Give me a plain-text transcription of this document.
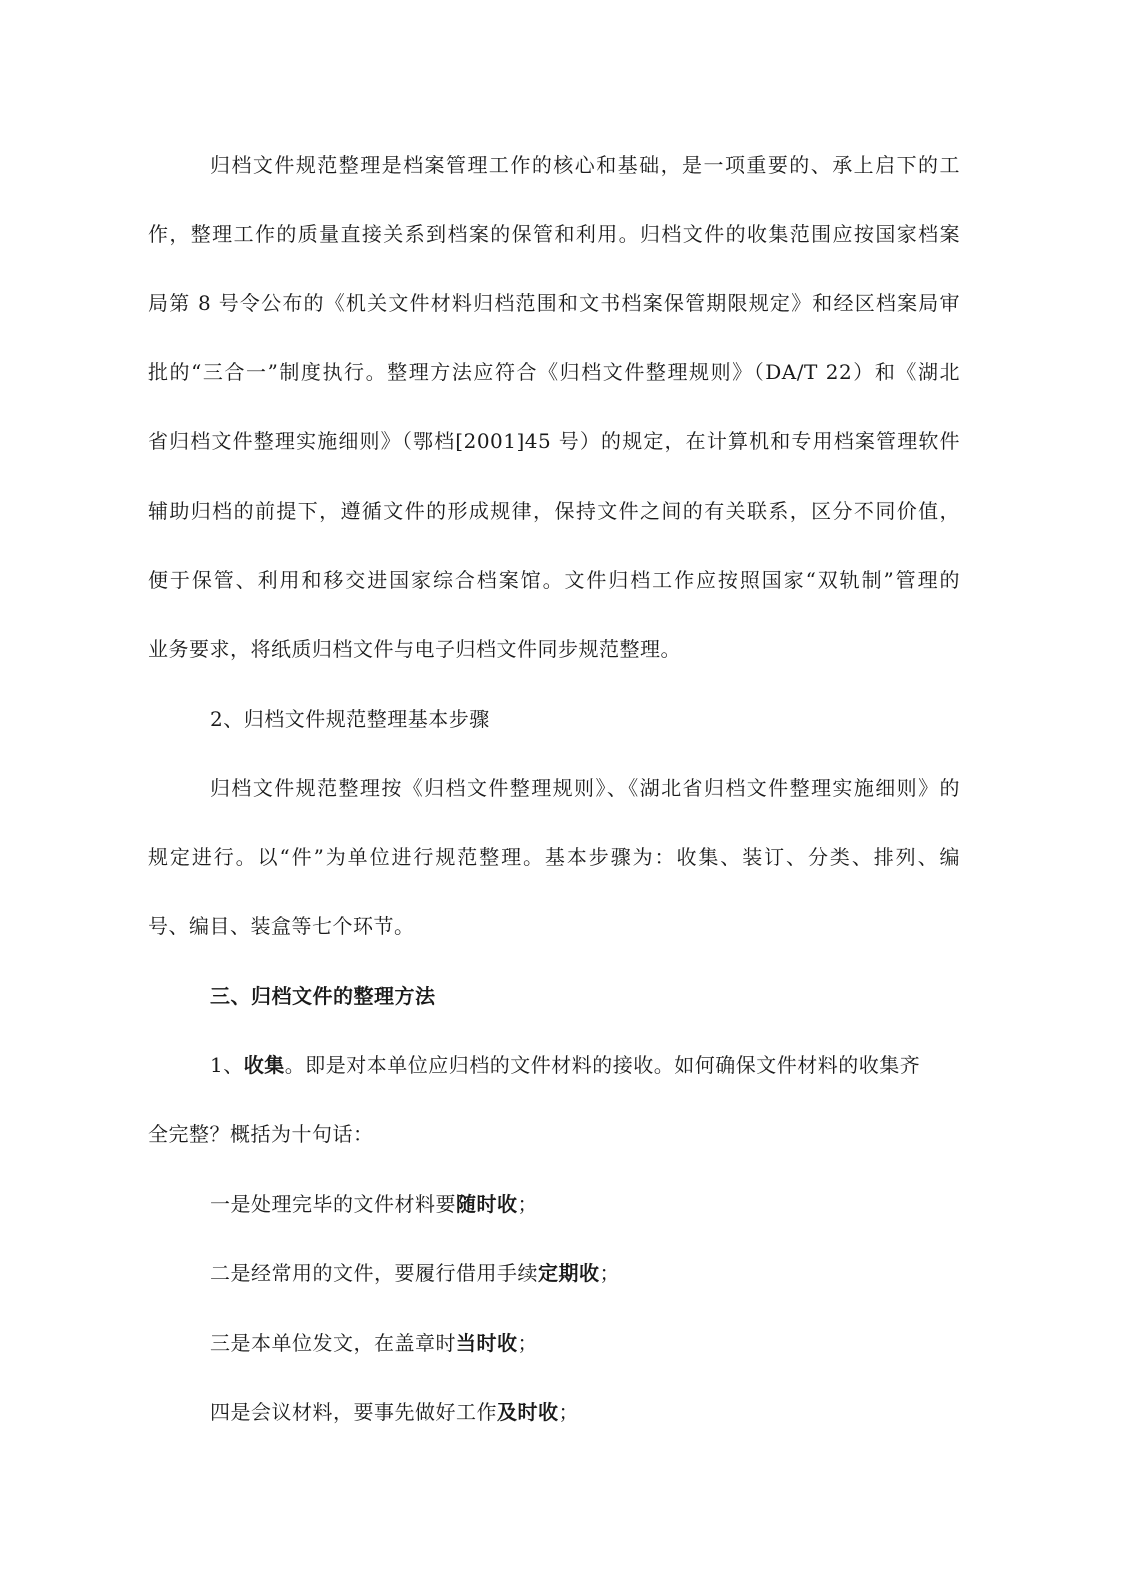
归档文件规范整理是档案管理工作的核心和基础，是一项重要的、承上启下的工
作，整理工作的质量直接关系到档案的保管和利用。归档文件的收集范围应按国家档案
局第 8 号令公布的《机关文件材料归档范围和文书档案保管期限规定》和经区档案局审
批的“三合一”制度执行。整理方法应符合《归档文件整理规则》（DA/T 22）和《湖北
省归档文件整理实施细则》（鄂档[2001]45 号）的规定，在计算机和专用档案管理软件
辅助归档的前提下，遵循文件的形成规律，保持文件之间的有关联系，区分不同价值，
便于保管、利用和移交进国家综合档案馆。文件归档工作应按照国家“双轨制”管理的
业务要求，将纸质归档文件与电子归档文件同步规范整理。
2、归档文件规范整理基本步骤
归档文件规范整理按《归档文件整理规则》、《湖北省归档文件整理实施细则》的
规定进行。以“件”为单位进行规范整理。基本步骤为：收集、装订、分类、排列、编
号、编目、装盒等七个环节。
三、归档文件的整理方法
1、收集。即是对本单位应归档的文件材料的接收。如何确保文件材料的收集齐
全完整？概括为十句话：
一是处理完毕的文件材料要随时收；
二是经常用的文件，要履行借用手续定期收；
三是本单位发文，在盖章时当时收；
四是会议材料，要事先做好工作及时收；
